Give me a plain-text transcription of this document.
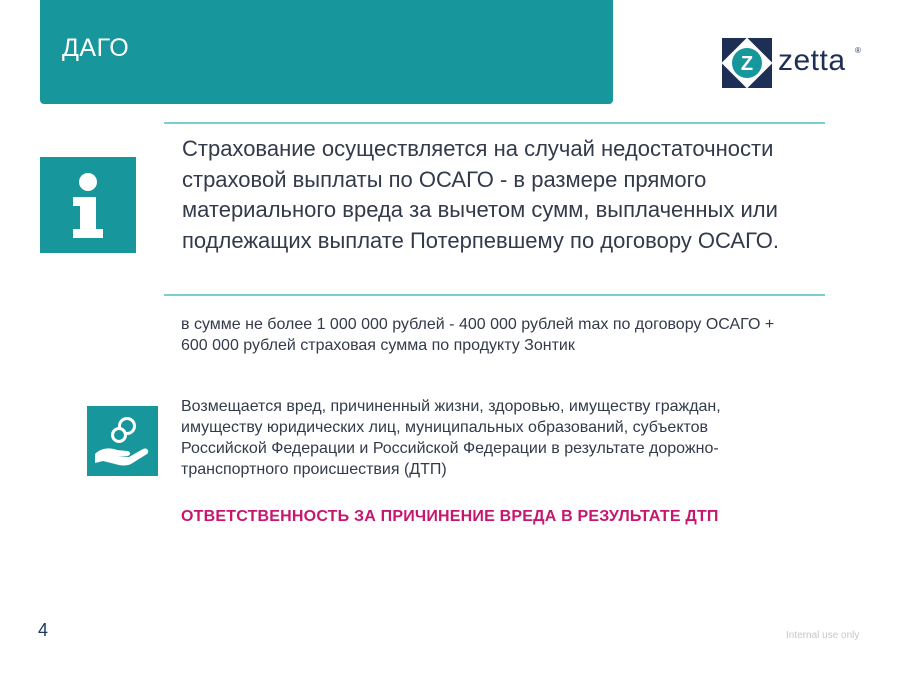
ДАГО
Z zetta ®
Страхование осуществляется на случай недостаточности страховой выплаты по ОСАГО - в размере прямого материального вреда за вычетом сумм, выплаченных или подлежащих выплате Потерпевшему по договору ОСАГО.
в сумме не более 1 000 000 рублей - 400 000 рублей max по договору ОСАГО + 600 000 рублей страховая сумма по продукту Зонтик
Возмещается вред, причиненный жизни, здоровью, имуществу граждан, имуществу юридических лиц, муниципальных образований, субъектов Российской Федерации и Российской Федерации в результате дорожно-транспортного происшествия (ДТП)
ОТВЕТСТВЕННОСТЬ ЗА ПРИЧИНЕНИЕ ВРЕДА В РЕЗУЛЬТАТЕ ДТП
4	Internal use only
